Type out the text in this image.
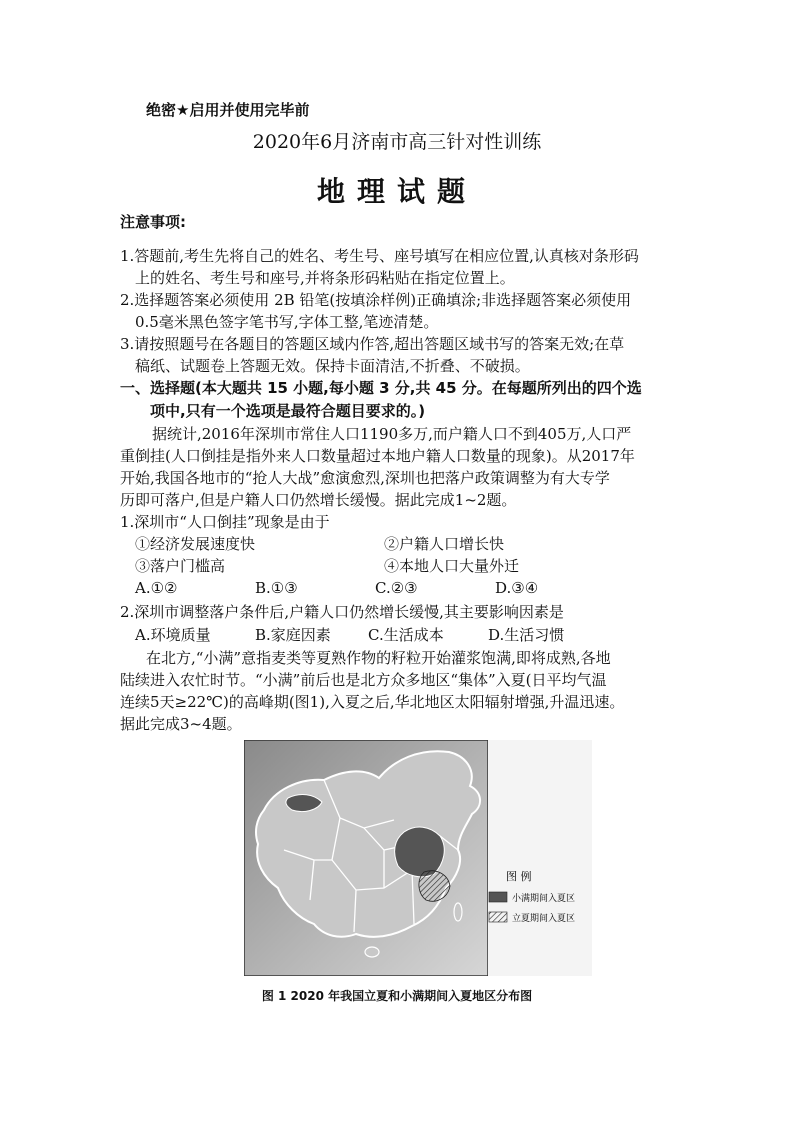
绝密★启用并使用完毕前
2020年6月济南市高三针对性训练
地理试题
注意事项:
1.答题前,考生先将自己的姓名、考生号、座号填写在相应位置,认真核对条形码
上的姓名、考生号和座号,并将条形码粘贴在指定位置上。
2.选择题答案必须使用 2B 铅笔(按填涂样例)正确填涂;非选择题答案必须使用
0.5毫米黑色签字笔书写,字体工整,笔迹清楚。
3.请按照题号在各题目的答题区域内作答,超出答题区域书写的答案无效;在草
稿纸、试题卷上答题无效。保持卡面清洁,不折叠、不破损。
一、选择题(本大题共 15 小题,每小题 3 分,共 45 分。在每题所列出的四个选
项中,只有一个选项是最符合题目要求的。)
据统计,2016年深圳市常住人口1190多万,而户籍人口不到405万,人口严
重倒挂(人口倒挂是指外来人口数量超过本地户籍人口数量的现象)。从2017年
开始,我国各地市的“抢人大战”愈演愈烈,深圳也把落户政策调整为有大专学
历即可落户,但是户籍人口仍然增长缓慢。据此完成1~2题。
1.深圳市“人口倒挂”现象是由于
①经济发展速度快	②户籍人口增长快
③落户门槛高	④本地人口大量外迁
A.①②	B.①③	C.②③	D.③④
2.深圳市调整落户条件后,户籍人口仍然增长缓慢,其主要影响因素是
A.环境质量	B.家庭因素 C.生活成本	D.生活习惯
在北方,“小满”意指麦类等夏熟作物的籽粒开始灌浆饱满,即将成熟,各地
陆续进入农忙时节。“小满”前后也是北方众多地区“集体”入夏(日平均气温
连续5天≥22℃)的高峰期(图1),入夏之后,华北地区太阳辐射增强,升温迅速。
据此完成3~4题。
图 例
小满期间入夏区
立夏期间入夏区
图 1 2020 年我国立夏和小满期间入夏地区分布图
